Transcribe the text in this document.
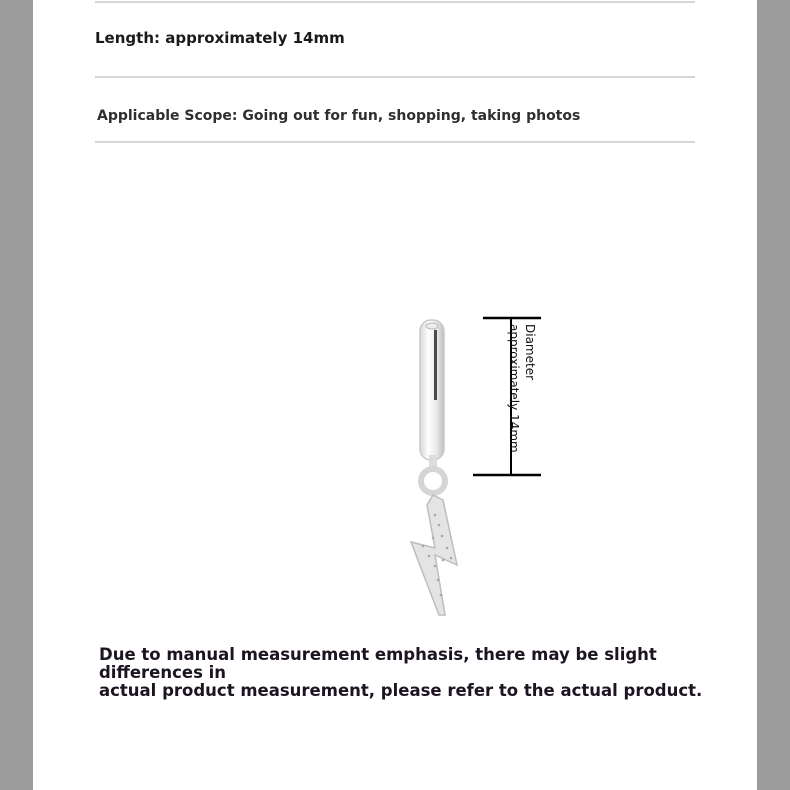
Length: approximately 14mm
Applicable Scope: Going out for fun, shopping, taking photos
Diameter
approximately 14mm
Due to manual measurement emphasis, there may be slight differences in
actual product measurement, please refer to the actual product.
